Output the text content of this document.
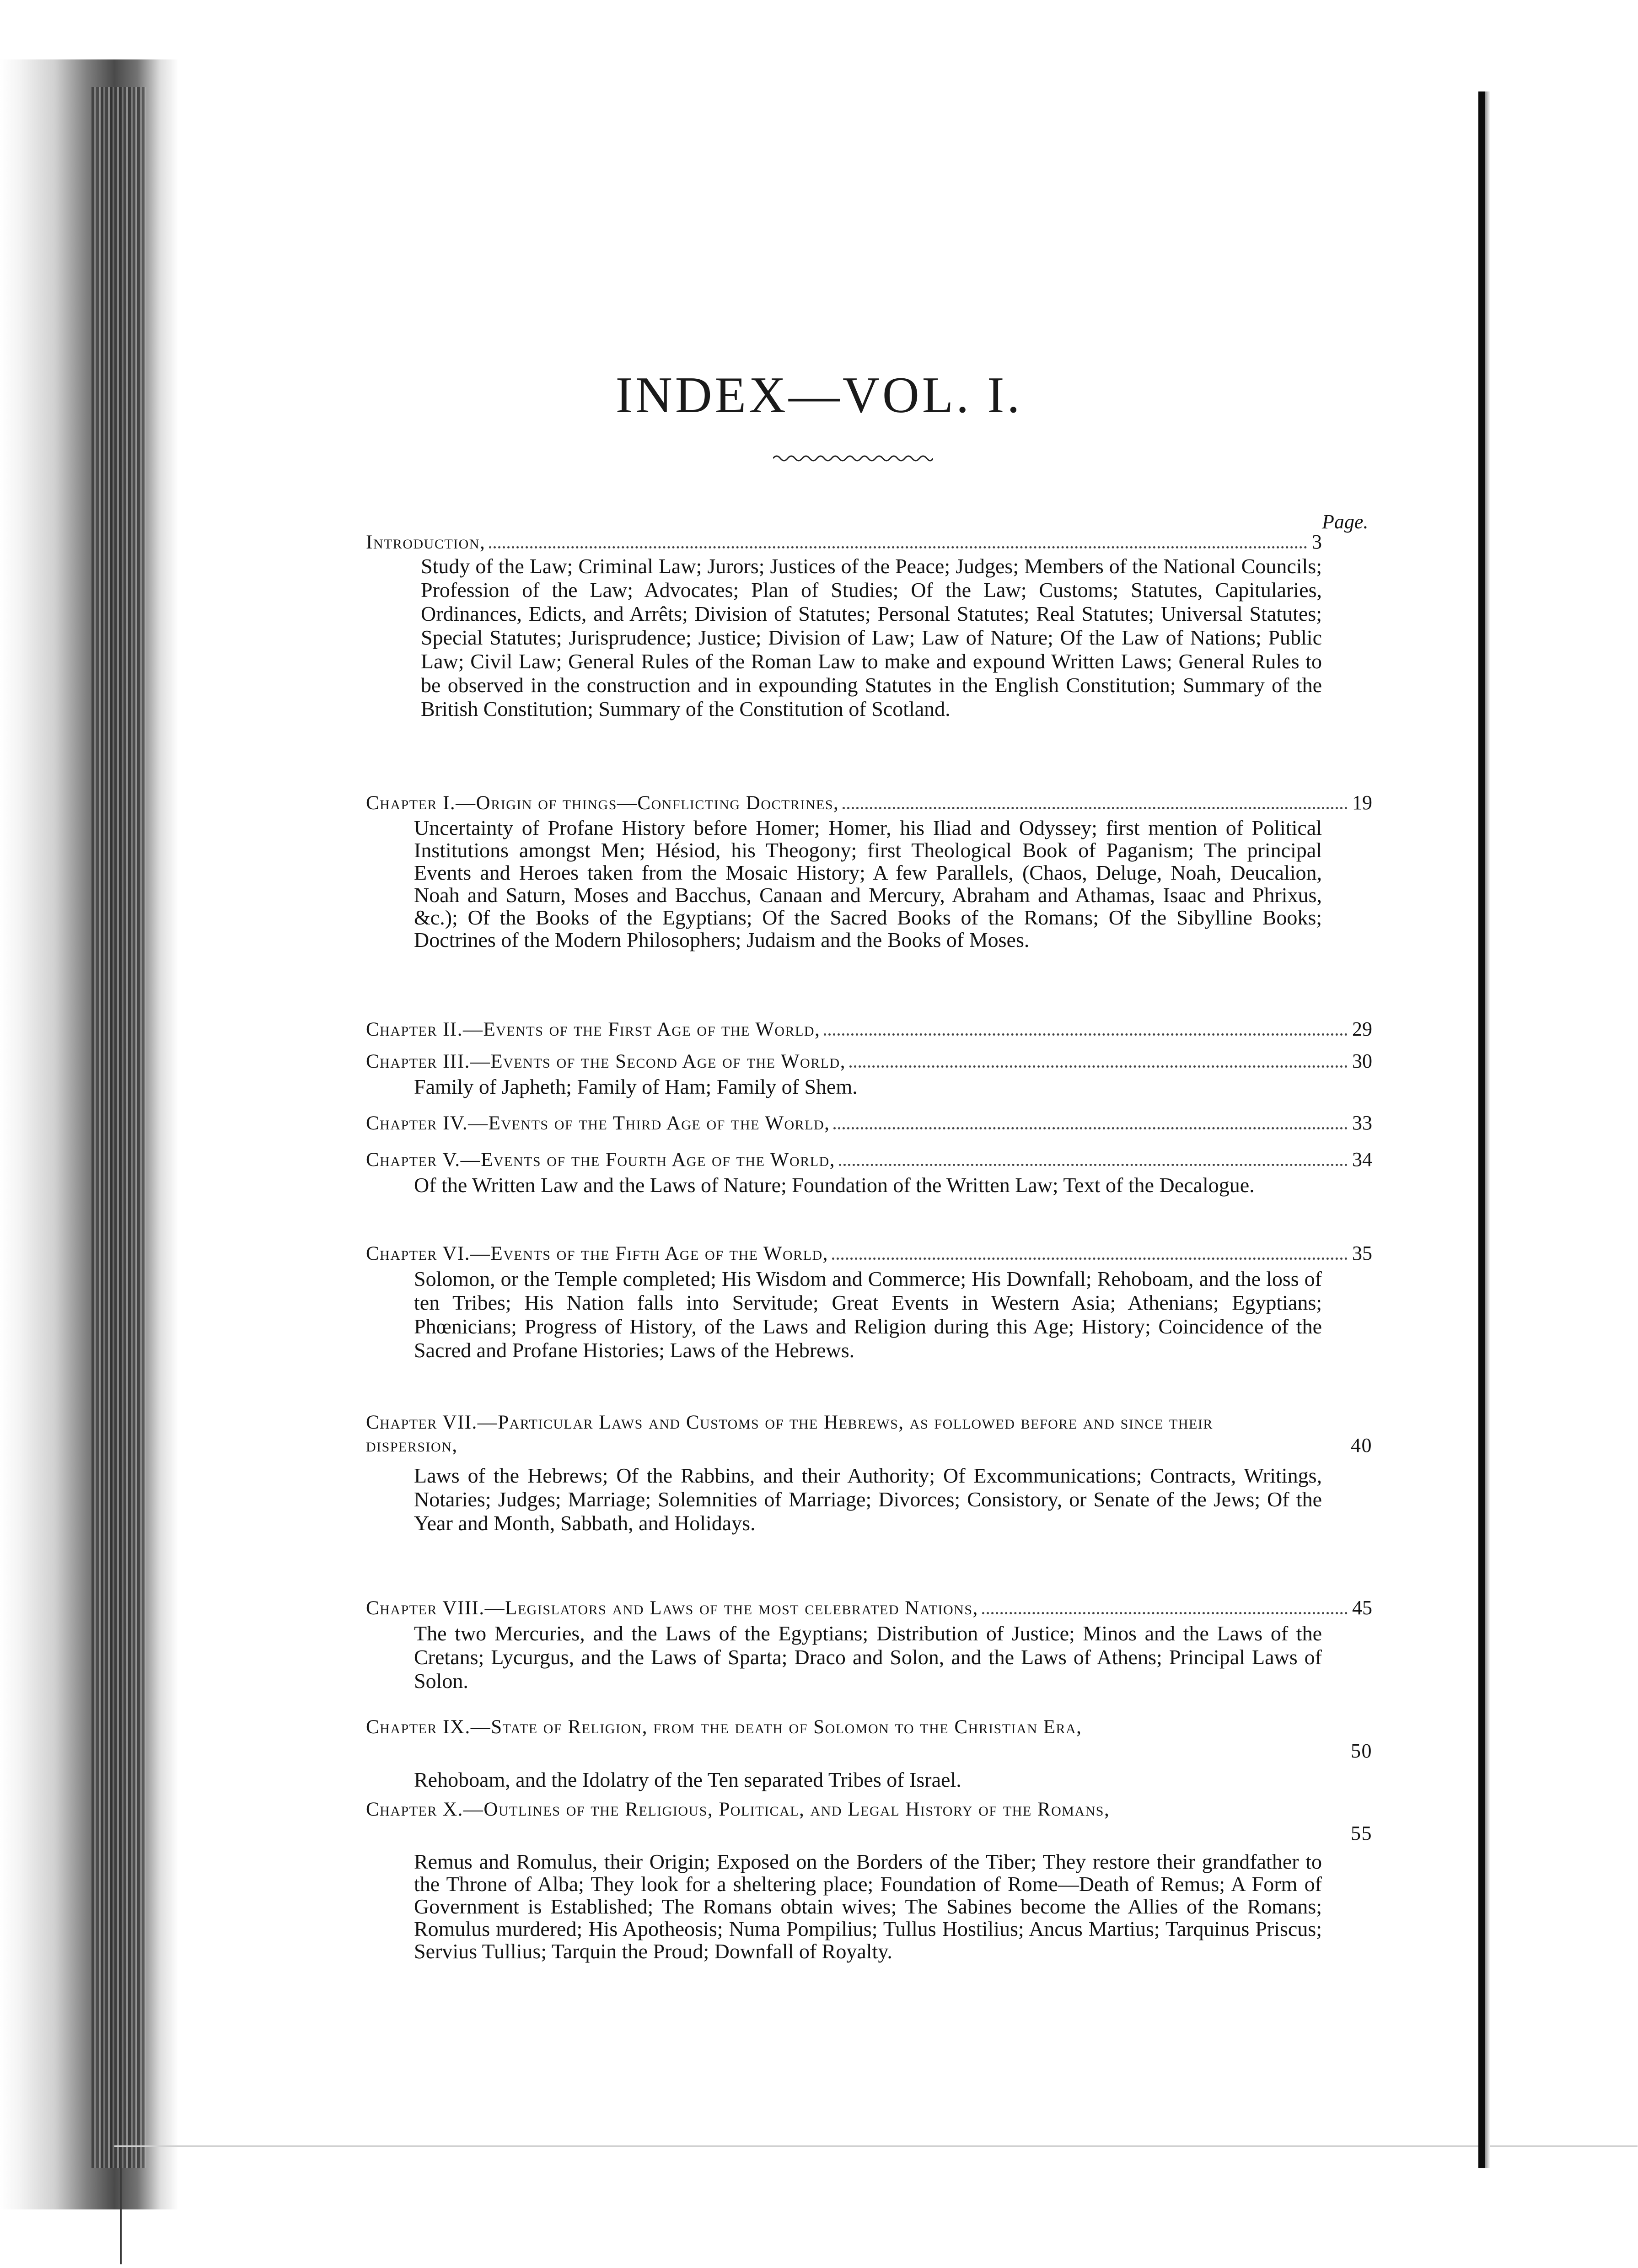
INDEX—VOL. I.
Page.
Introduction,	3
Study of the Law; Criminal Law; Jurors; Justices of the Peace; Judges; Members of the National Councils; Profession of the Law; Advocates; Plan of Studies; Of the Law; Customs; Statutes, Capitularies, Ordinances, Edicts, and Arrêts; Division of Statutes; Personal Statutes; Real Statutes; Universal Statutes; Special Statutes; Jurisprudence; Justice; Division of Law; Law of Nature; Of the Law of Nations; Public Law; Civil Law; General Rules of the Roman Law to make and expound Written Laws; General Rules to be observed in the construction and in expounding Statutes in the English Constitution; Summary of the British Constitution; Summary of the Constitution of Scotland.
Chapter I.—Origin of things—Conflicting Doctrines,	19
Uncertainty of Profane History before Homer; Homer, his Iliad and Odyssey; first mention of Political Institutions amongst Men; Hésiod, his Theogony; first Theological Book of Paganism; The principal Events and Heroes taken from the Mosaic History; A few Parallels, (Chaos, Deluge, Noah, Deucalion, Noah and Saturn, Moses and Bacchus, Canaan and Mercury, Abraham and Athamas, Isaac and Phrixus, &c.); Of the Books of the Egyptians; Of the Sacred Books of the Romans; Of the Sibylline Books; Doctrines of the Modern Philosophers; Judaism and the Books of Moses.
Chapter II.—Events of the First Age of the World,	29
Chapter III.—Events of the Second Age of the World,	30
Family of Japheth; Family of Ham; Family of Shem.
Chapter IV.—Events of the Third Age of the World,	33
Chapter V.—Events of the Fourth Age of the World,	34
Of the Written Law and the Laws of Nature; Foundation of the Written Law; Text of the Decalogue.
Chapter VI.—Events of the Fifth Age of the World,	35
Solomon, or the Temple completed; His Wisdom and Commerce; His Downfall; Rehoboam, and the loss of ten Tribes; His Nation falls into Servitude; Great Events in Western Asia; Athenians; Egyptians; Phœnicians; Progress of History, of the Laws and Religion during this Age; History; Coincidence of the Sacred and Profane Histories; Laws of the Hebrews.
Chapter VII.—Particular Laws and Customs of the Hebrews, as followed before and since their dispersion,	40
Laws of the Hebrews; Of the Rabbins, and their Authority; Of Excommunications; Contracts, Writings, Notaries; Judges; Marriage; Solemnities of Marriage; Divorces; Consistory, or Senate of the Jews; Of the Year and Month, Sabbath, and Holidays.
Chapter VIII.—Legislators and Laws of the most celebrated Nations,	45
The two Mercuries, and the Laws of the Egyptians; Distribution of Justice; Minos and the Laws of the Cretans; Lycurgus, and the Laws of Sparta; Draco and Solon, and the Laws of Athens; Principal Laws of Solon.
Chapter IX.—State of Religion, from the death of Solomon to the Christian Era,
50
Rehoboam, and the Idolatry of the Ten separated Tribes of Israel.
Chapter X.—Outlines of the Religious, Political, and Legal History of the Romans,
55
Remus and Romulus, their Origin; Exposed on the Borders of the Tiber; They restore their grandfather to the Throne of Alba; They look for a sheltering place; Foundation of Rome—Death of Remus; A Form of Government is Established; The Romans obtain wives; The Sabines become the Allies of the Romans; Romulus murdered; His Apotheosis; Numa Pompilius; Tullus Hostilius; Ancus Martius; Tarquinus Priscus; Servius Tullius; Tarquin the Proud; Downfall of Royalty.
